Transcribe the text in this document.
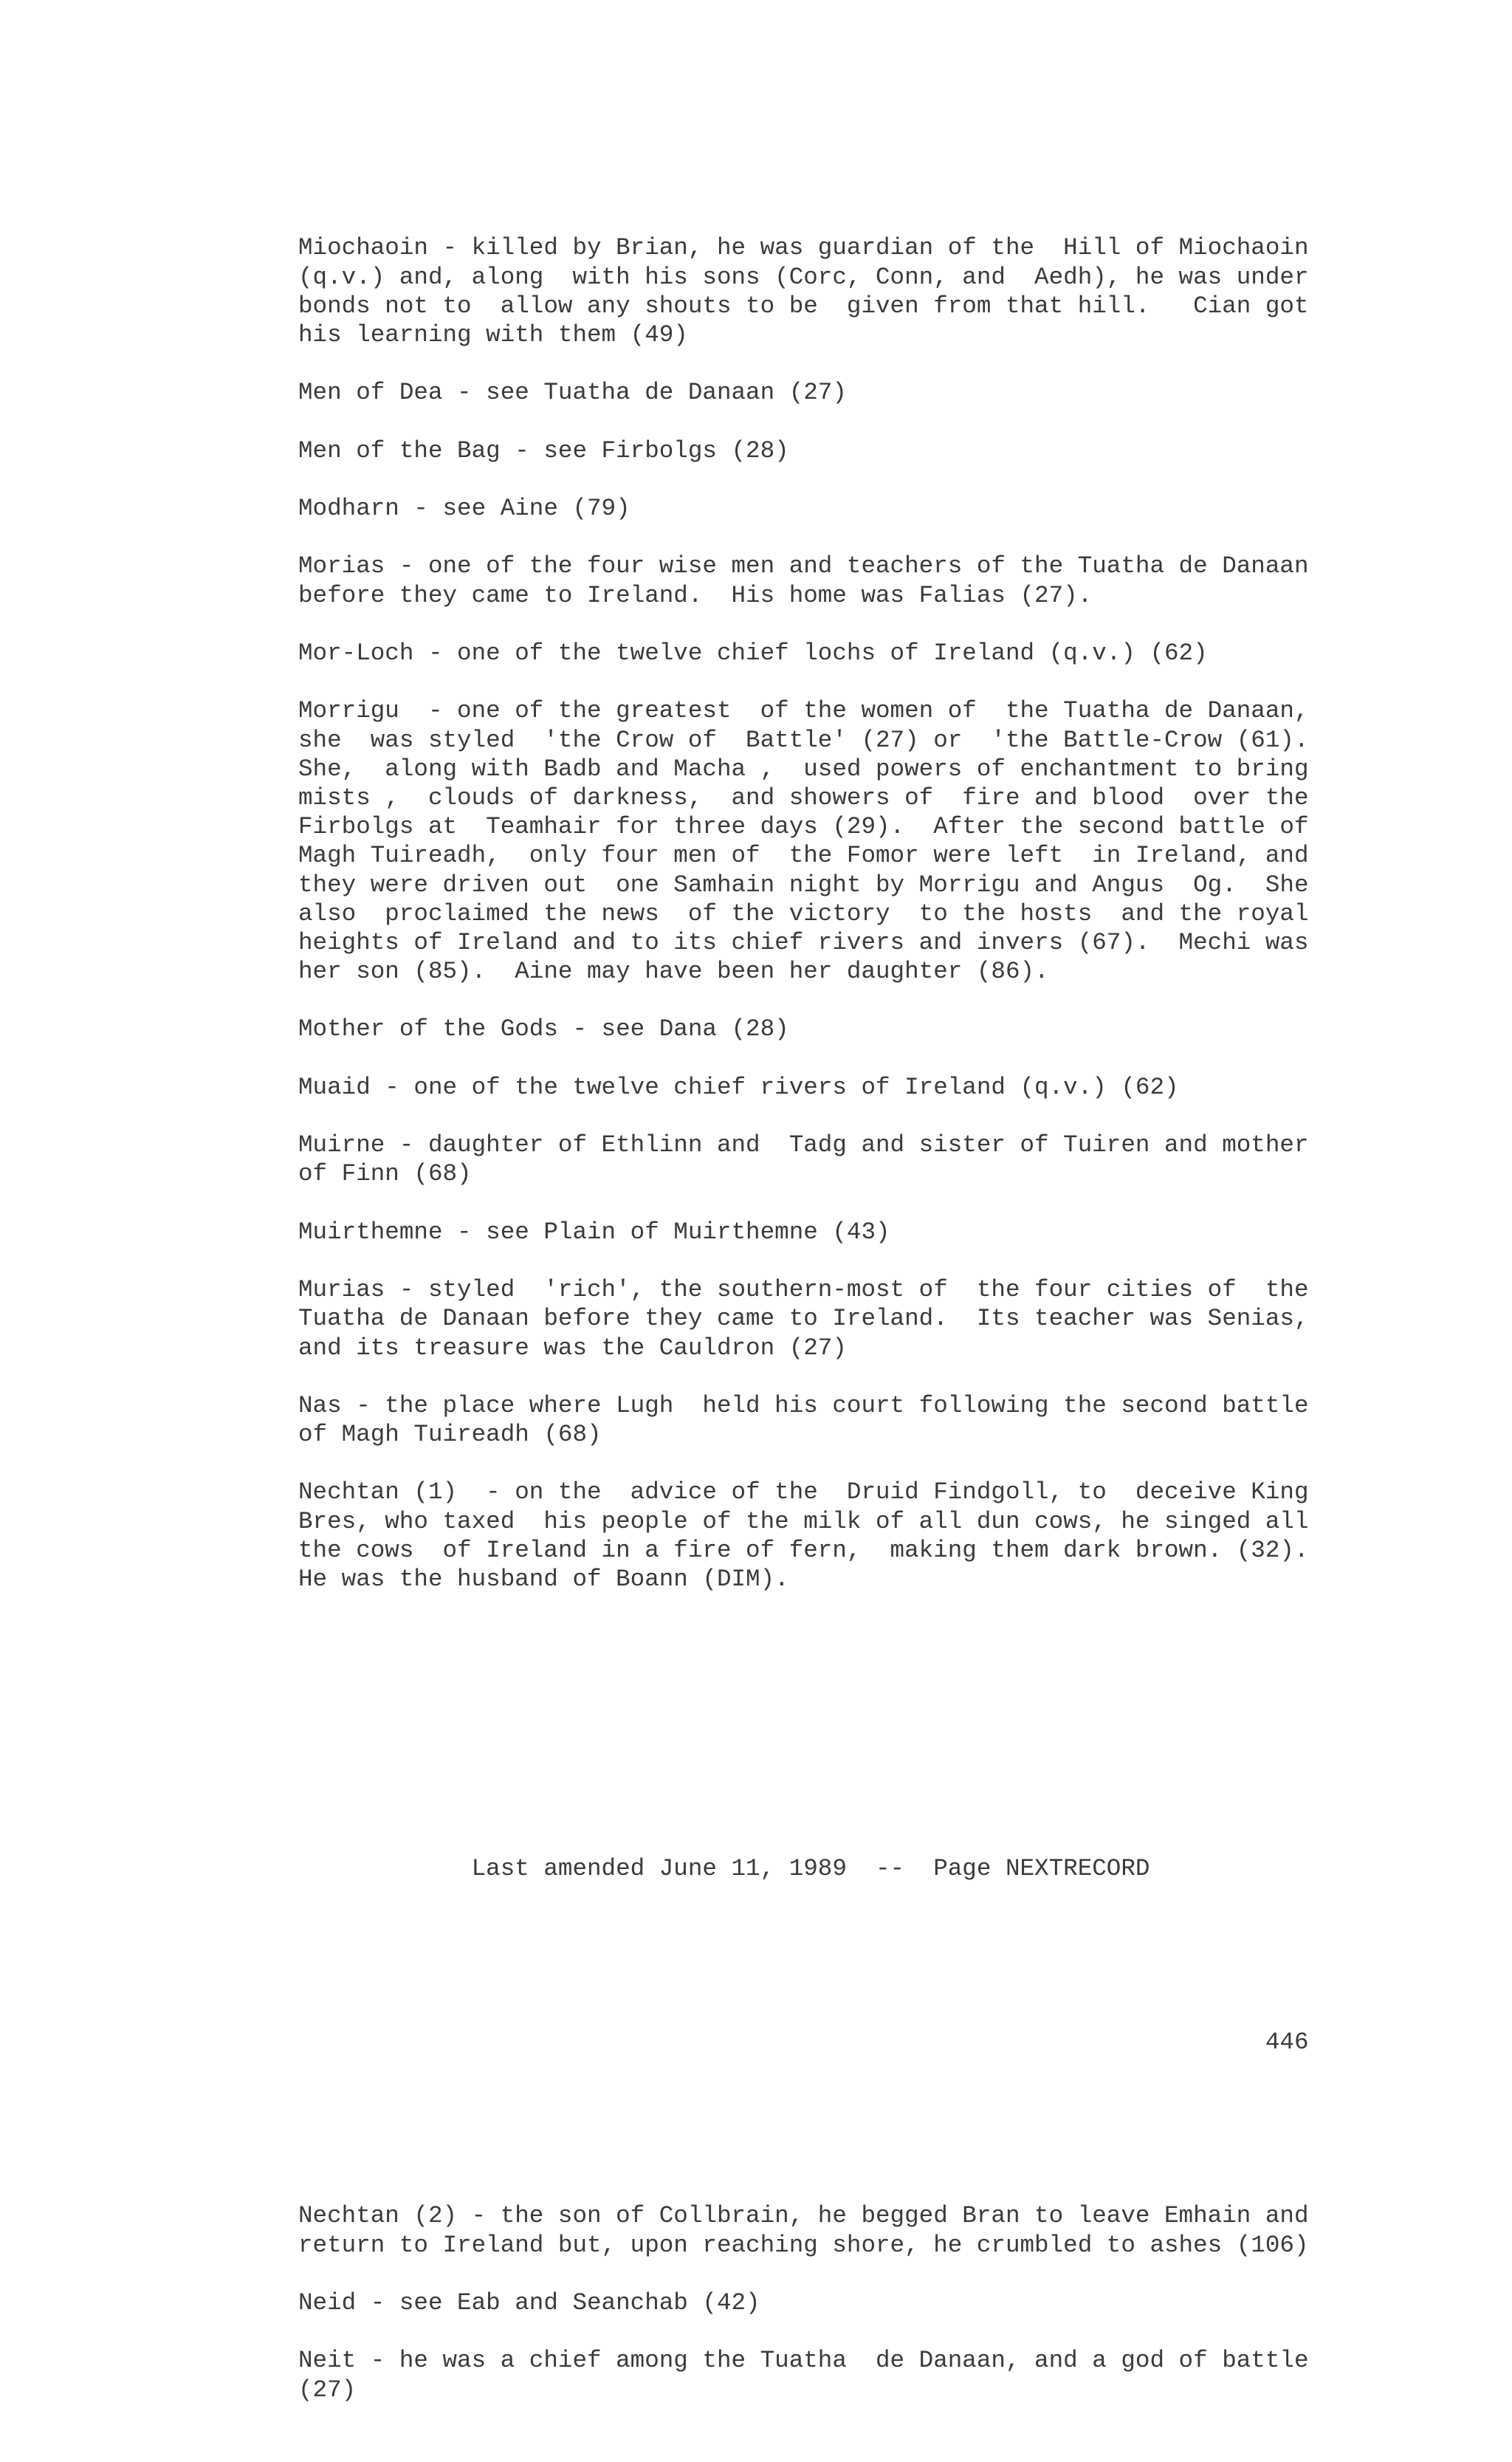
Miochaoin - killed by Brian, he was guardian of the  Hill of Miochaoin
(q.v.) and, along  with his sons (Corc, Conn, and  Aedh), he was under
bonds not to  allow any shouts to be  given from that hill.   Cian got
his learning with them (49)
Men of Dea - see Tuatha de Danaan (27)
Men of the Bag - see Firbolgs (28)
Modharn - see Aine (79)
Morias - one of the four wise men and teachers of the Tuatha de Danaan
before they came to Ireland.  His home was Falias (27).
Mor-Loch - one of the twelve chief lochs of Ireland (q.v.) (62)
Morrigu  - one of the greatest  of the women of  the Tuatha de Danaan,
she  was styled  'the Crow of  Battle' (27) or  'the Battle-Crow (61).
She,  along with Badb and Macha ,  used powers of enchantment to bring
mists ,  clouds of darkness,  and showers of  fire and blood  over the
Firbolgs at  Teamhair for three days (29).  After the second battle of
Magh Tuireadh,  only four men of  the Fomor were left  in Ireland, and
they were driven out  one Samhain night by Morrigu and Angus  Og.  She
also  proclaimed the news  of the victory  to the hosts  and the royal
heights of Ireland and to its chief rivers and invers (67).  Mechi was
her son (85).  Aine may have been her daughter (86).
Mother of the Gods - see Dana (28)
Muaid - one of the twelve chief rivers of Ireland (q.v.) (62)
Muirne - daughter of Ethlinn and  Tadg and sister of Tuiren and mother
of Finn (68)
Muirthemne - see Plain of Muirthemne (43)
Murias - styled  'rich', the southern-most of  the four cities of  the
Tuatha de Danaan before they came to Ireland.  Its teacher was Senias,
and its treasure was the Cauldron (27)
Nas - the place where Lugh  held his court following the second battle
of Magh Tuireadh (68)
Nechtan (1)  - on the  advice of the  Druid Findgoll, to  deceive King
Bres, who taxed  his people of the milk of all dun cows, he singed all
the cows  of Ireland in a fire of fern,  making them dark brown. (32).
He was the husband of Boann (DIM).

Last amended June 11, 1989  --  Page NEXTRECORD

446

Nechtan (2) - the son of Collbrain, he begged Bran to leave Emhain and
return to Ireland but, upon reaching shore, he crumbled to ashes (106)
Neid - see Eab and Seanchab (42)
Neit - he was a chief among the Tuatha  de Danaan, and a god of battle
(27)
